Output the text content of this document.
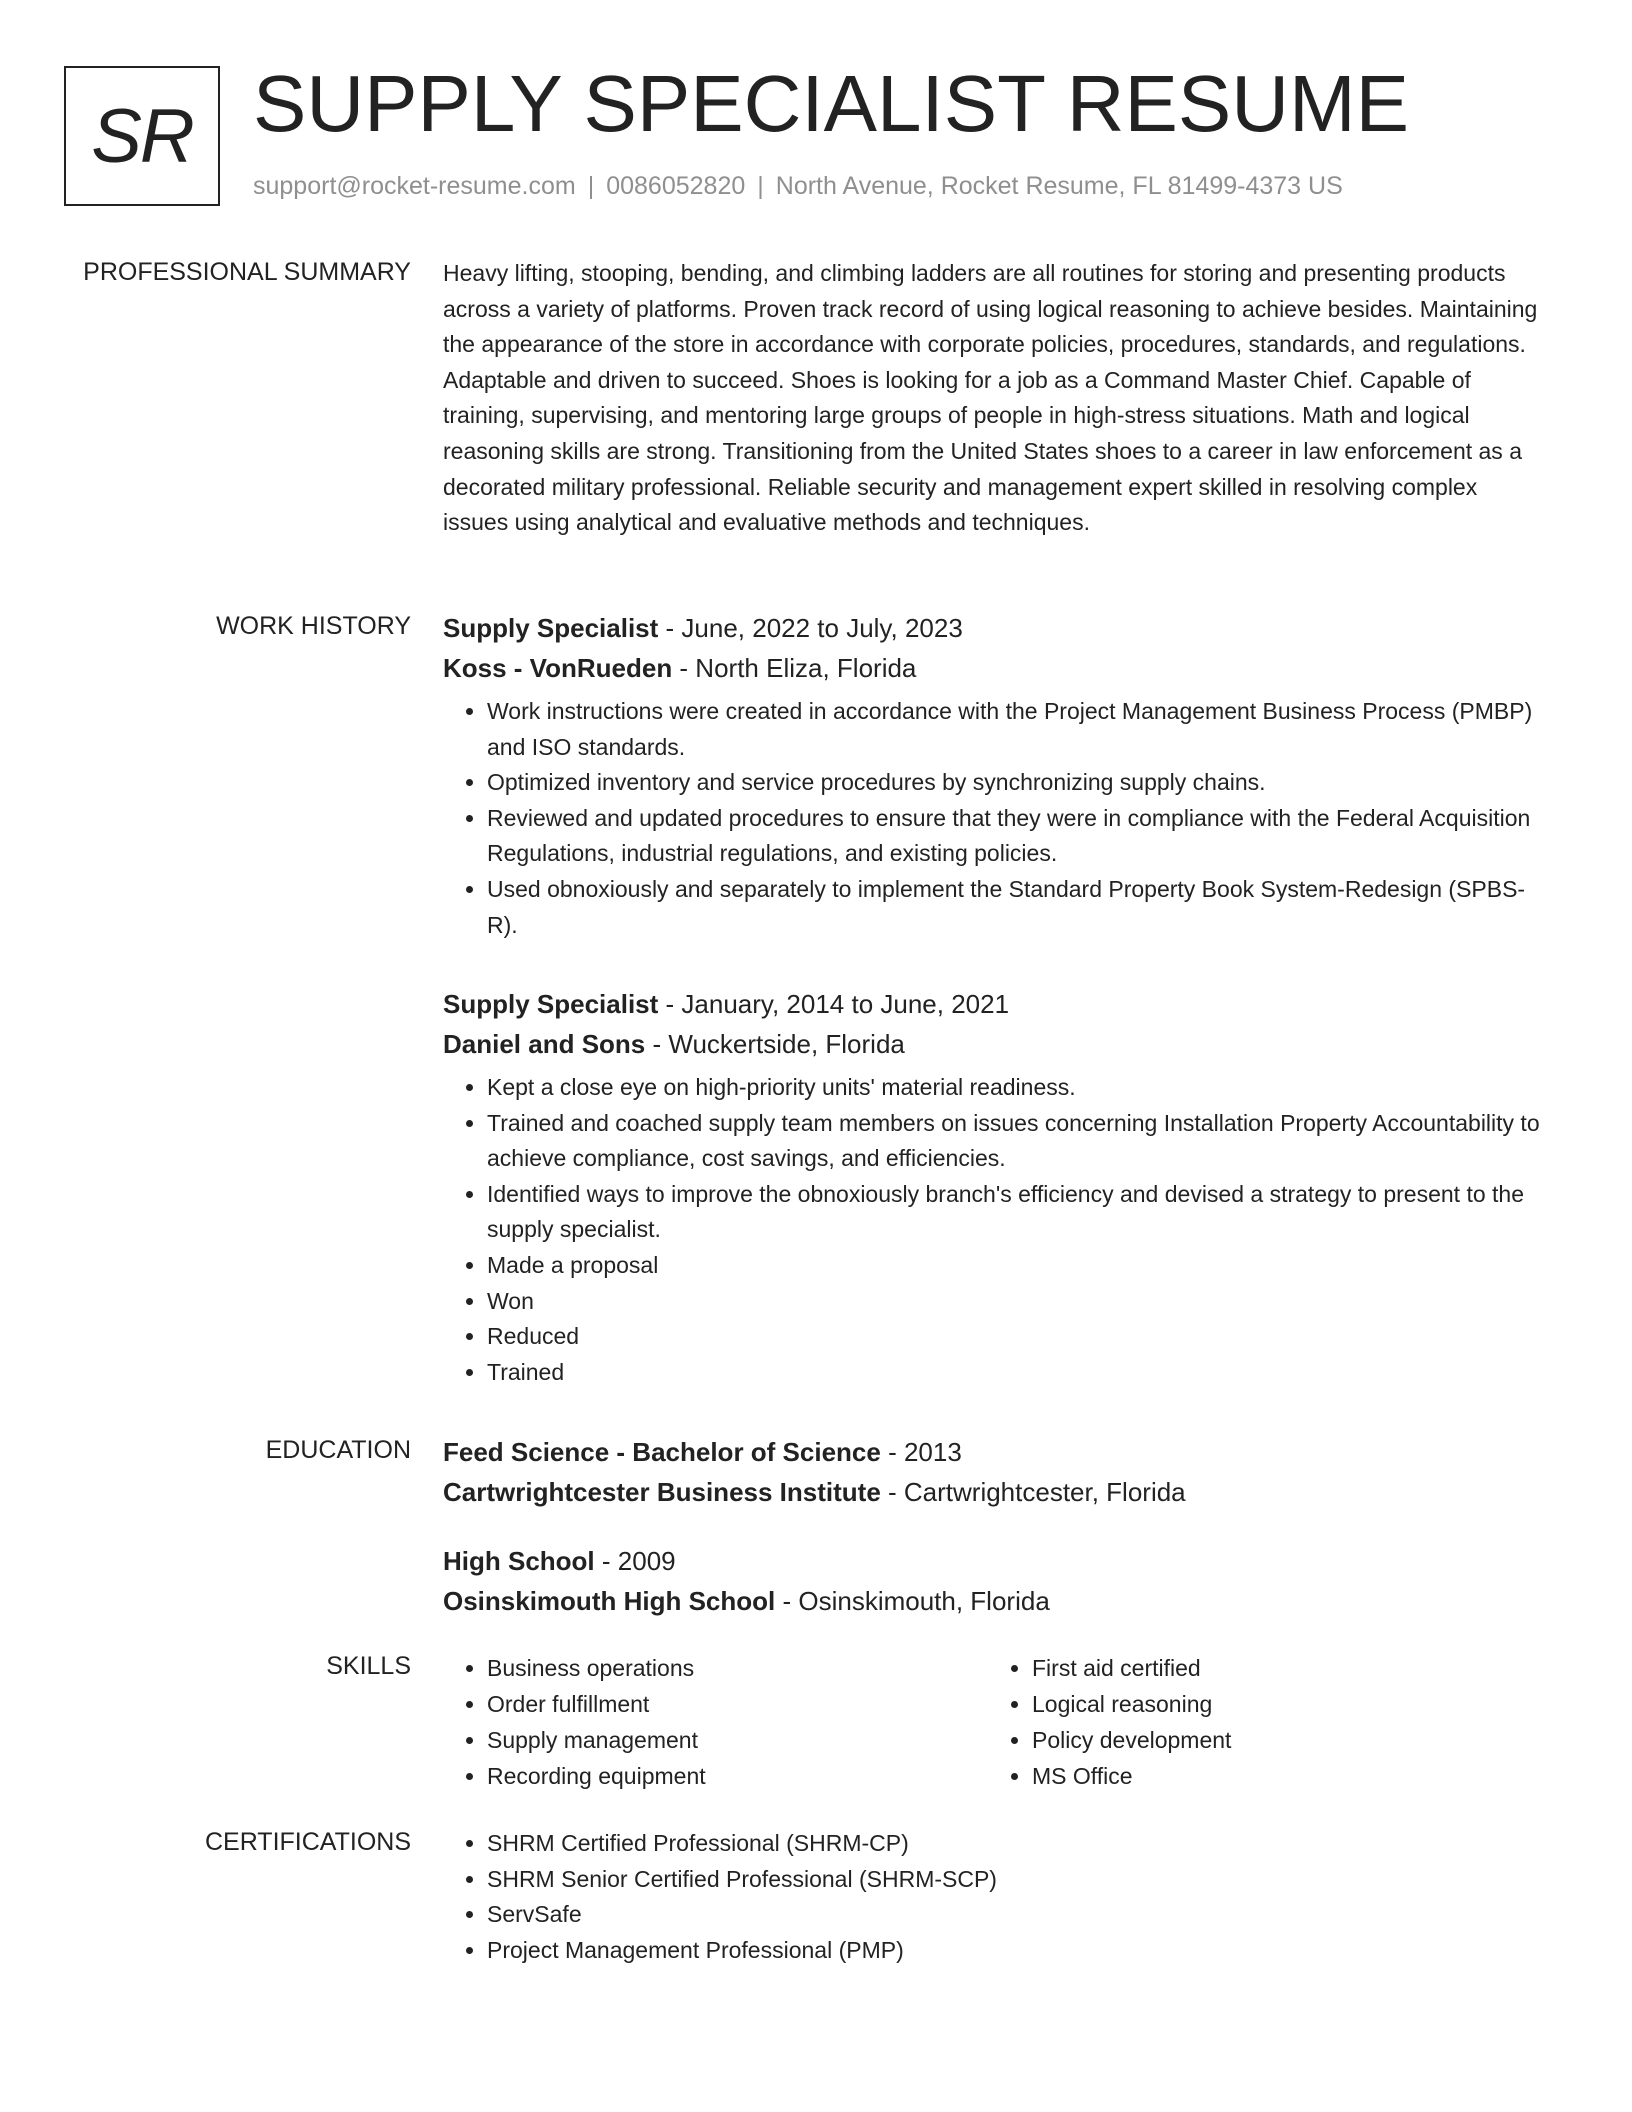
SR SUPPLY SPECIALIST RESUME
support@rocket-resume.com | 0086052820 | North Avenue, Rocket Resume, FL 81499-4373 US
PROFESSIONAL SUMMARY Heavy lifting, stooping, bending, and climbing ladders are all routines for storing and presenting products across a variety of platforms. Proven track record of using logical reasoning to achieve besides. Maintaining the appearance of the store in accordance with corporate policies, procedures, standards, and regulations. Adaptable and driven to succeed. Shoes is looking for a job as a Command Master Chief. Capable of training, supervising, and mentoring large groups of people in high-stress situations. Math and logical reasoning skills are strong. Transitioning from the United States shoes to a career in law enforcement as a decorated military professional. Reliable security and management expert skilled in resolving complex issues using analytical and evaluative methods and techniques.

WORK HISTORY Supply Specialist - June, 2022 to July, 2023

Koss - VonRueden - North Eliza, Florida

• Work instructions were created in accordance with the Project Management Business Process (PMBP) and ISO standards.
• Optimized inventory and service procedures by synchronizing supply chains.
• Reviewed and updated procedures to ensure that they were in compliance with the Federal Acquisition Regulations, industrial regulations, and existing policies.
• Used obnoxiously and separately to implement the Standard Property Book System-Redesign (SPBS-R).

Supply Specialist - January, 2014 to June, 2021

Daniel and Sons - Wuckertside, Florida

• Kept a close eye on high-priority units' material readiness.
• Trained and coached supply team members on issues concerning Installation Property Accountability to achieve compliance, cost savings, and efficiencies.
• Identified ways to improve the obnoxiously branch's efficiency and devised a strategy to present to the supply specialist.
• Made a proposal
• Won
• Reduced
• Trained
EDUCATION Feed Science - Bachelor of Science - 2013

Cartwrightcester Business Institute - Cartwrightcester, Florida

High School - 2009

Osinskimouth High School - Osinskimouth, Florida

SKILLS	• Business operations
• Order fulfillment
• Supply management
• Recording equipment
• First aid certified
• Logical reasoning
• Policy development
• MS Office
CERTIFICATIONS	• SHRM Certified Professional (SHRM-CP)
• SHRM Senior Certified Professional (SHRM-SCP)
• ServSafe
• Project Management Professional (PMP)
